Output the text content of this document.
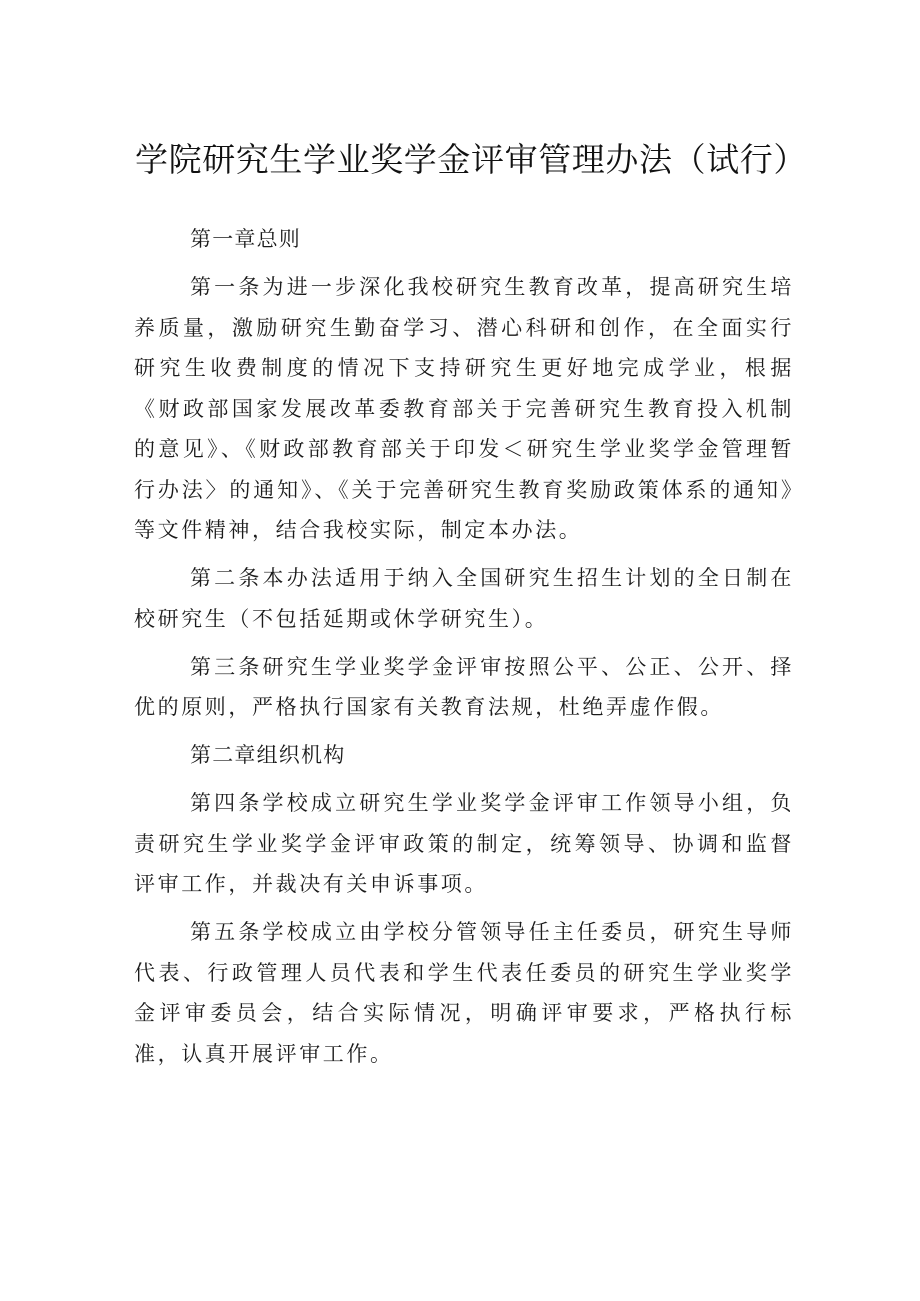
学院研究生学业奖学金评审管理办法（试行）

第一章总则

第一条为进一步深化我校研究生教育改革，提高研究生培养质量，激励研究生勤奋学习、潜心科研和创作，在全面实行研究生收费制度的情况下支持研究生更好地完成学业，根据《财政部国家发展改革委教育部关于完善研究生教育投入机制的意见》、《财政部教育部关于印发＜研究生学业奖学金管理暂行办法〉的通知》、《关于完善研究生教育奖励政策体系的通知》等文件精神，结合我校实际，制定本办法。

第二条本办法适用于纳入全国研究生招生计划的全日制在校研究生（不包括延期或休学研究生）。

第三条研究生学业奖学金评审按照公平、公正、公开、择优的原则，严格执行国家有关教育法规，杜绝弄虚作假。

第二章组织机构

第四条学校成立研究生学业奖学金评审工作领导小组，负责研究生学业奖学金评审政策的制定，统筹领导、协调和监督评审工作，并裁决有关申诉事项。

第五条学校成立由学校分管领导任主任委员，研究生导师代表、行政管理人员代表和学生代表任委员的研究生学业奖学金评审委员会，结合实际情况，明确评审要求，严格执行标准，认真开展评审工作。
